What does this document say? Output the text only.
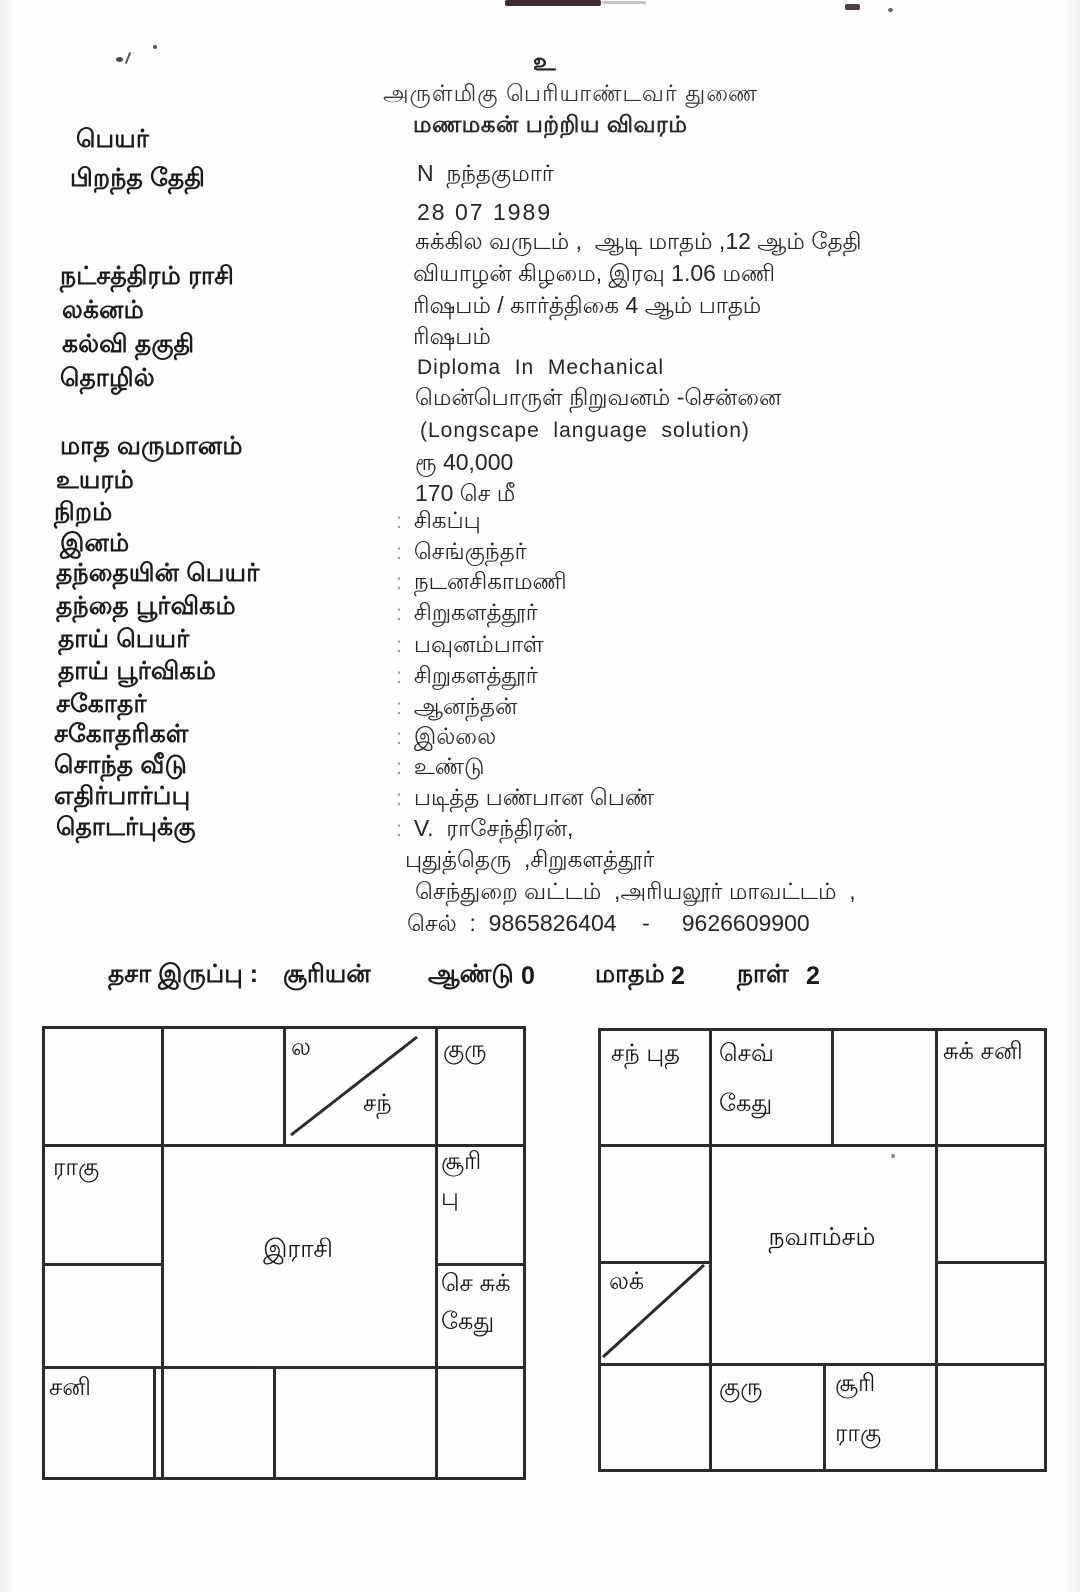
உ
அருள்மிகு பெரியாண்டவர் துணை
மணமகன் பற்றிய விவரம்
பெயர்
பிறந்த தேதி
நட்சத்திரம் ராசி
லக்னம்
கல்வி தகுதி
தொழில்
மாத வருமானம்
உயரம்
நிறம்
இனம்
தந்தையின் பெயர்
தந்தை பூர்விகம்
தாய் பெயர்
தாய் பூர்விகம்
சகோதர்
சகோதரிகள்
சொந்த வீடு
எதிர்பார்ப்பு
தொடர்புக்கு
N  நந்தகுமார்
28 07 1989
சுக்கில வருடம் ,  ஆடி மாதம் ,12 ஆம் தேதி
வியாழன் கிழமை, இரவு 1.06 மணி
ரிஷபம் / கார்த்திகை 4 ஆம் பாதம்
ரிஷபம்
Diploma  In  Mechanical
மென்பொருள் நிறுவனம் -சென்னை
(Longscape  language  solution)
ரூ 40,000
170 செ மீ
: சிகப்பு
: செங்குந்தர்
: நடனசிகாமணி
: சிறுகளத்தூர்
: பவுனம்பாள்
: சிறுகளத்தூர்
: ஆனந்தன்
: இல்லை
: உண்டு
: படித்த பண்பான பெண்
: V.  ராசேந்திரன்,
புதுத்தெரு  ,சிறுகளத்தூர்
செந்துறை வட்டம்  ,அரியலூர் மாவட்டம்  ,
செல்  :  9865826404    -     9626609900
தசா இருப்பு : சூரியன் ஆண்டு 0 மாதம் 2 நாள் 2
ல
சந்
குரு
ராகு	சூரி
பு
செ சுக்
கேது
சனி
இராசி
சந் புத செவ்
கேது
சுக் சனி
லக்
குரு	சூரி
ராகு
நவாம்சம்
